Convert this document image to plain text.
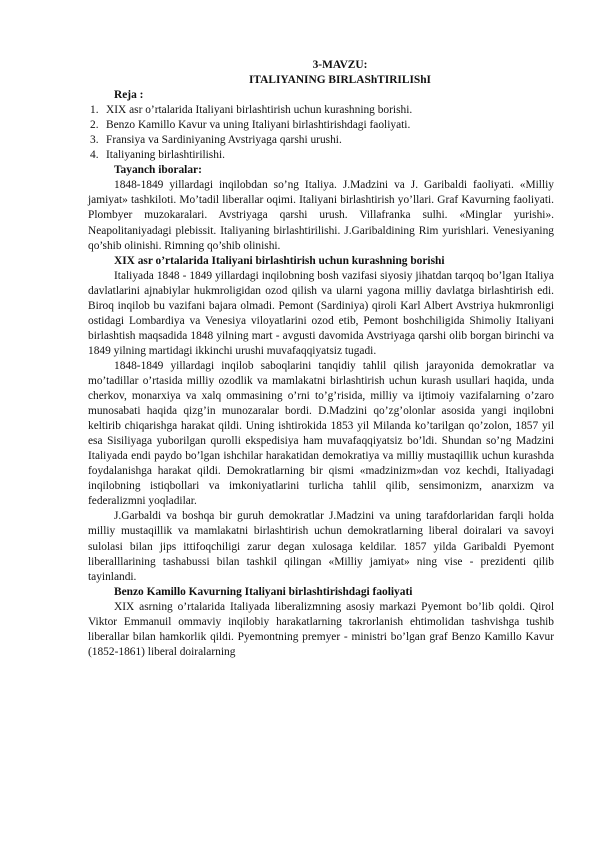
3-MAVZU:

ITALIYANING BIRLAShTIRILIShI

Reja :

1. XIX asr o’rtalarida Italiyani birlashtirish uchun kurashning borishi.
2. Benzo Kamillo Kavur va uning Italiyani birlashtirishdagi faoliyati.
3. Fransiya va Sardiniyaning Avstriyaga qarshi urushi.
4. Italiyaning birlashtirilishi.

Tayanch iboralar:

1848-1849 yillardagi inqilobdan so’ng Italiya. J.Madzini va J. Garibaldi faoliyati. «Milliy jamiyat» tashkiloti. Mo’tadil liberallar oqimi. Italiyani birlashtirish yo’llari. Graf Kavurning faoliyati. Plombyer muzokaralari. Avstriyaga qarshi urush. Villafranka sulhi. «Minglar yurishi». Neapolitaniyadagi plebissit. Italiyaning birlashtirilishi. J.Garibaldining Rim yurishlari. Venesiyaning qo’shib olinishi. Rimning qo’shib olinishi.

XIX asr o’rtalarida Italiyani birlashtirish uchun kurashning borishi

Italiyada 1848 - 1849 yillardagi inqilobning bosh vazifasi siyosiy jihatdan tarqoq bo’lgan Italiya davlatlarini ajnabiylar hukmroligidan ozod qilish va ularni yagona milliy davlatga birlashtirish edi. Biroq inqilob bu vazifani bajara olmadi. Pemont (Sardiniya) qiroli Karl Albert Avstriya hukmronligi ostidagi Lombardiya va Venesiya viloyatlarini ozod etib, Pemont boshchiligida Shimoliy Italiyani birlashtish maqsadida 1848 yilning mart - avgusti davomida Avstriyaga qarshi olib borgan birinchi va 1849 yilning martidagi ikkinchi urushi muvafaqqiyatsiz tugadi.

1848-1849 yillardagi inqilob saboqlarini tanqidiy tahlil qilish jarayonida demokratlar va mo’tadillar o’rtasida milliy ozodlik va mamlakatni birlashtirish uchun kurash usullari haqida, unda cherkov, monarxiya va xalq ommasining o’rni to’g’risida, milliy va ijtimoiy vazifalarning o’zaro munosabati haqida qizg’in munozaralar bordi. D.Madzini qo’zg’olonlar asosida yangi inqilobni keltirib chiqarishga harakat qildi. Uning ishtirokida 1853 yil Milanda ko’tarilgan qo’zolon, 1857 yil esa Sisiliyaga yuborilgan qurolli ekspedisiya ham muvafaqqiyatsiz bo’ldi. Shundan so’ng Madzini Italiyada endi paydo bo’lgan ishchilar harakatidan demokratiya va milliy mustaqillik uchun kurashda foydalanishga harakat qildi. Demokratlarning bir qismi «madzinizm»dan voz kechdi, Italiyadagi inqilobning istiqbollari va imkoniyatlarini turlicha tahlil qilib, sensimonizm, anarxizm va federalizmni yoqladilar.

J.Garbaldi va boshqa bir guruh demokratlar J.Madzini va uning tarafdorlaridan farqli holda milliy mustaqillik va mamlakatni birlashtirish uchun demokratlarning liberal doiralari va savoyi sulolasi bilan jips ittifoqchiligi zarur degan xulosaga keldilar. 1857 yilda Garibaldi Pyemont liberalllarining tashabussi bilan tashkil qilingan «Milliy jamiyat» ning vise - prezidenti qilib tayinlandi.

Benzo Kamillo Kavurning Italiyani birlashtirishdagi faoliyati

XIX asrning o’rtalarida Italiyada liberalizmning asosiy markazi Pyemont bo’lib qoldi. Qirol Viktor Emmanuil ommaviy inqilobiy harakatlarning takrorlanish ehtimolidan tashvishga tushib liberallar bilan hamkorlik qildi. Pyemontning premyer - ministri bo’lgan graf Benzo Kamillo Kavur (1852-1861) liberal doiralarning
